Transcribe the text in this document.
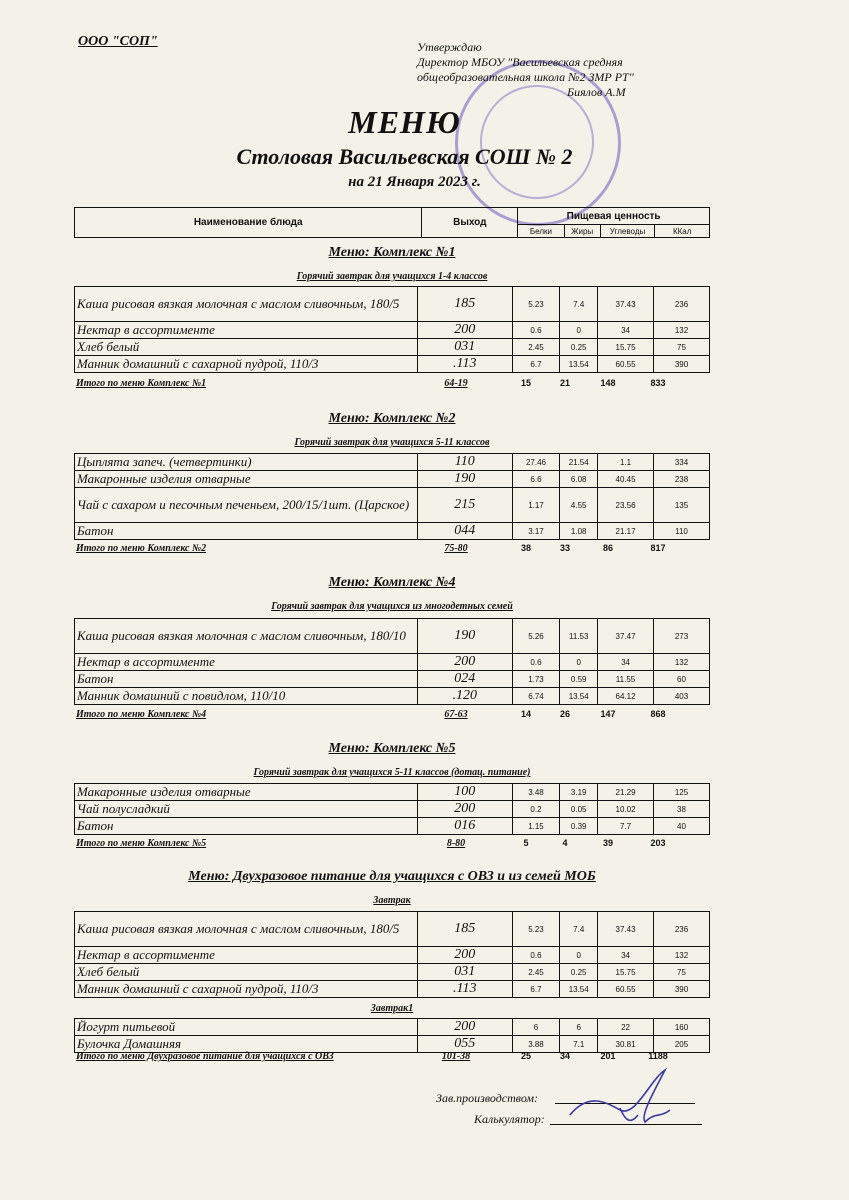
ООО "СОП"	Утверждаю
Директор МБОУ "Васильевская средняя
общеобразовательная школа №2 ЗМР РТ"
Биялов А.М
МЕНЮ
Столовая Васильевская СОШ № 2
на 21 Января 2023 г.
Наименование блюда	Выход	Пищевая ценность			
		Белки	Жиры	Углеводы	ККал
Меню: Комплекс №1
Горячий завтрак для учащихся 1-4 классов
Каша рисовая вязкая молочная с маслом сливочным, 180/5	185	5.23	7.4	37.43	236
Нектар в ассортименте	200	0.6	0	34	132
Хлеб белый	031	2.45	0.25	15.75	75
Манник домашний с сахарной пудрой, 110/3	.113	6.7	13.54	60.55	390
Итого по меню Комплекс №1	64-19	15	21	148	833
Меню: Комплекс №2
Горячий завтрак для учащихся 5-11 классов
Цыплята запеч. (четвертинки)	110	27.46	21.54	1.1	334
Макаронные изделия отварные	190	6.6	6.08	40.45	238
Чай с сахаром и песочным печеньем, 200/15/1шт. (Царское)	215	1.17	4.55	23.56	135
Батон	044	3.17	1.08	21.17	110
Итого по меню Комплекс №2	75-80	38	33	86	817
Меню: Комплекс №4
Горячий завтрак для учащихся из многодетных семей
Каша рисовая вязкая молочная с маслом сливочным, 180/10	190	5.26	11.53	37.47	273
Нектар в ассортименте	200	0.6	0	34	132
Батон	024	1.73	0.59	11.55	60
Манник домашний с повидлом, 110/10	.120	6.74	13.54	64.12	403
Итого по меню Комплекс №4	67-63	14	26	147	868
Меню: Комплекс №5
Горячий завтрак для учащихся 5-11 классов (дотац. питание)
Макаронные изделия отварные	100	3.48	3.19	21.29	125
Чай полусладкий	200	0.2	0.05	10.02	38
Батон	016	1.15	0.39	7.7	40
Итого по меню Комплекс №5	8-80	5	4	39	203
Меню: Двухразовое питание для учащихся с ОВЗ и из семей МОБ
Завтрак
Каша рисовая вязкая молочная с маслом сливочным, 180/5	185	5.23	7.4	37.43	236
Нектар в ассортименте	200	0.6	0	34	132
Хлеб белый	031	2.45	0.25	15.75	75
Манник домашний с сахарной пудрой, 110/3	.113	6.7	13.54	60.55	390
Завтрак1
Йогурт питьевой	200	6	6	22	160
Булочка Домашняя	055	3.88	7.1	30.81	205
Итого по меню Двухразовое питание для учащихся с ОВЗ	101-38	25	34	201	1188
Зав.производством:
Калькулятор:
